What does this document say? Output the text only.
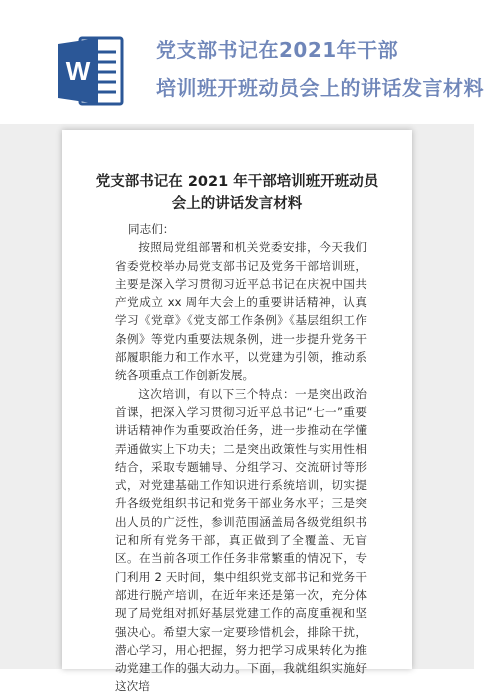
W
党支部书记在2021年干部
培训班开班动员会上的讲话发言材料
党支部书记在 2021 年干部培训班开班动员
会上的讲话发言材料

同志们：

按照局党组部署和机关党委安排，今天我们省委党校举办局党支部书记及党务干部培训班，主要是深入学习贯彻习近平总书记在庆祝中国共产党成立 xx 周年大会上的重要讲话精神，认真学习《党章》《党支部工作条例》《基层组织工作条例》等党内重要法规条例，进一步提升党务干部履职能力和工作水平，以党建为引领，推动系统各项重点工作创新发展。

这次培训，有以下三个特点：一是突出政治首课，把深入学习贯彻习近平总书记“七一”重要讲话精神作为重要政治任务，进一步推动在学懂弄通做实上下功夫；二是突出政策性与实用性相结合，采取专题辅导、分组学习、交流研讨等形式，对党建基础工作知识进行系统培训，切实提升各级党组织书记和党务干部业务水平；三是突出人员的广泛性，参训范围涵盖局各级党组织书记和所有党务干部，真正做到了全覆盖、无盲区。在当前各项工作任务非常繁重的情况下，专门利用 2 天时间，集中组织党支部书记和党务干部进行脱产培训，在近年来还是第一次，充分体现了局党组对抓好基层党建工作的高度重视和坚强决心。希望大家一定要珍惜机会，排除干扰，潜心学习，用心把握，努力把学习成果转化为推动党建工作的强大动力。下面，我就组织实施好这次培
